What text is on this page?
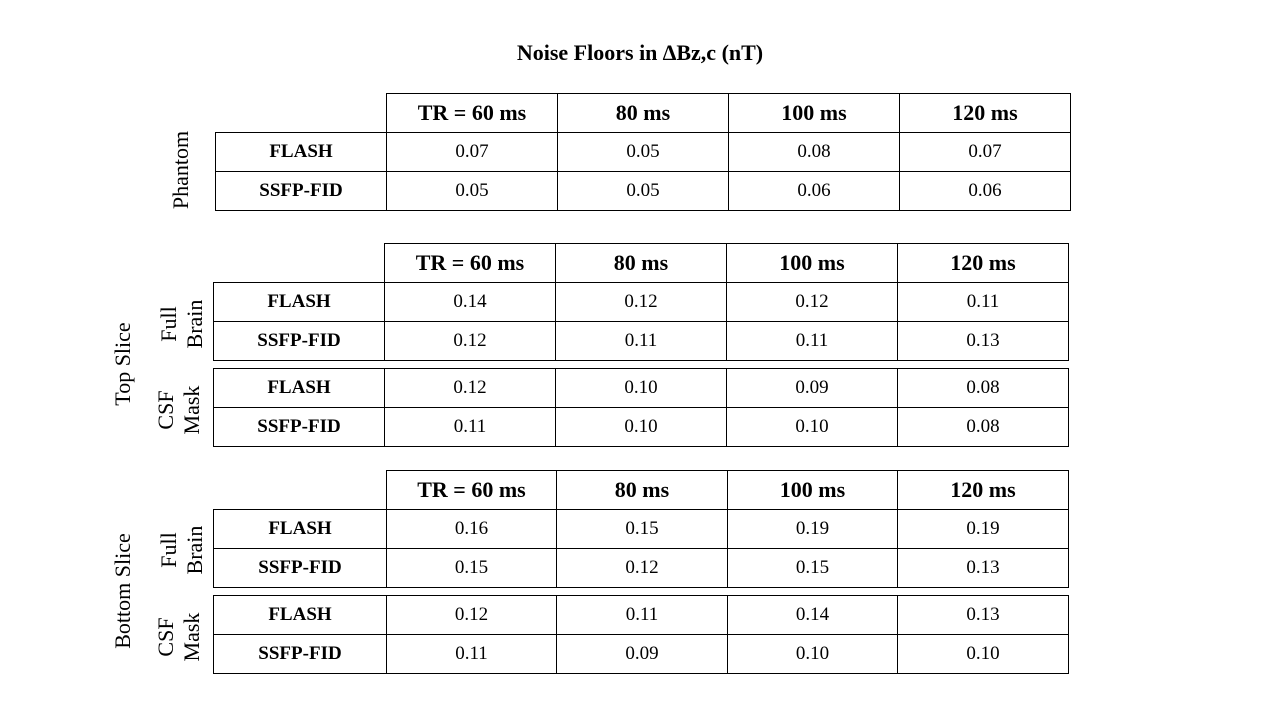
Noise Floors in ∆Bz,c (nT)
Phantom
	TR = 60 ms	80 ms	100 ms	120 ms
FLASH	0.07	0.05	0.08	0.07
SSFP-FID	0.05	0.05	0.06	0.06
Top Slice Full Brain
CSF Mask
	TR = 60 ms	80 ms	100 ms	120 ms
FLASH	0.14	0.12	0.12	0.11
SSFP-FID	0.12	0.11	0.11	0.13
FLASH	0.12	0.10	0.09	0.08
SSFP-FID	0.11	0.10	0.10	0.08
Bottom Slice Full Brain
CSF Mask
	TR = 60 ms	80 ms	100 ms	120 ms
FLASH	0.16	0.15	0.19	0.19
SSFP-FID	0.15	0.12	0.15	0.13
FLASH	0.12	0.11	0.14	0.13
SSFP-FID	0.11	0.09	0.10	0.10
